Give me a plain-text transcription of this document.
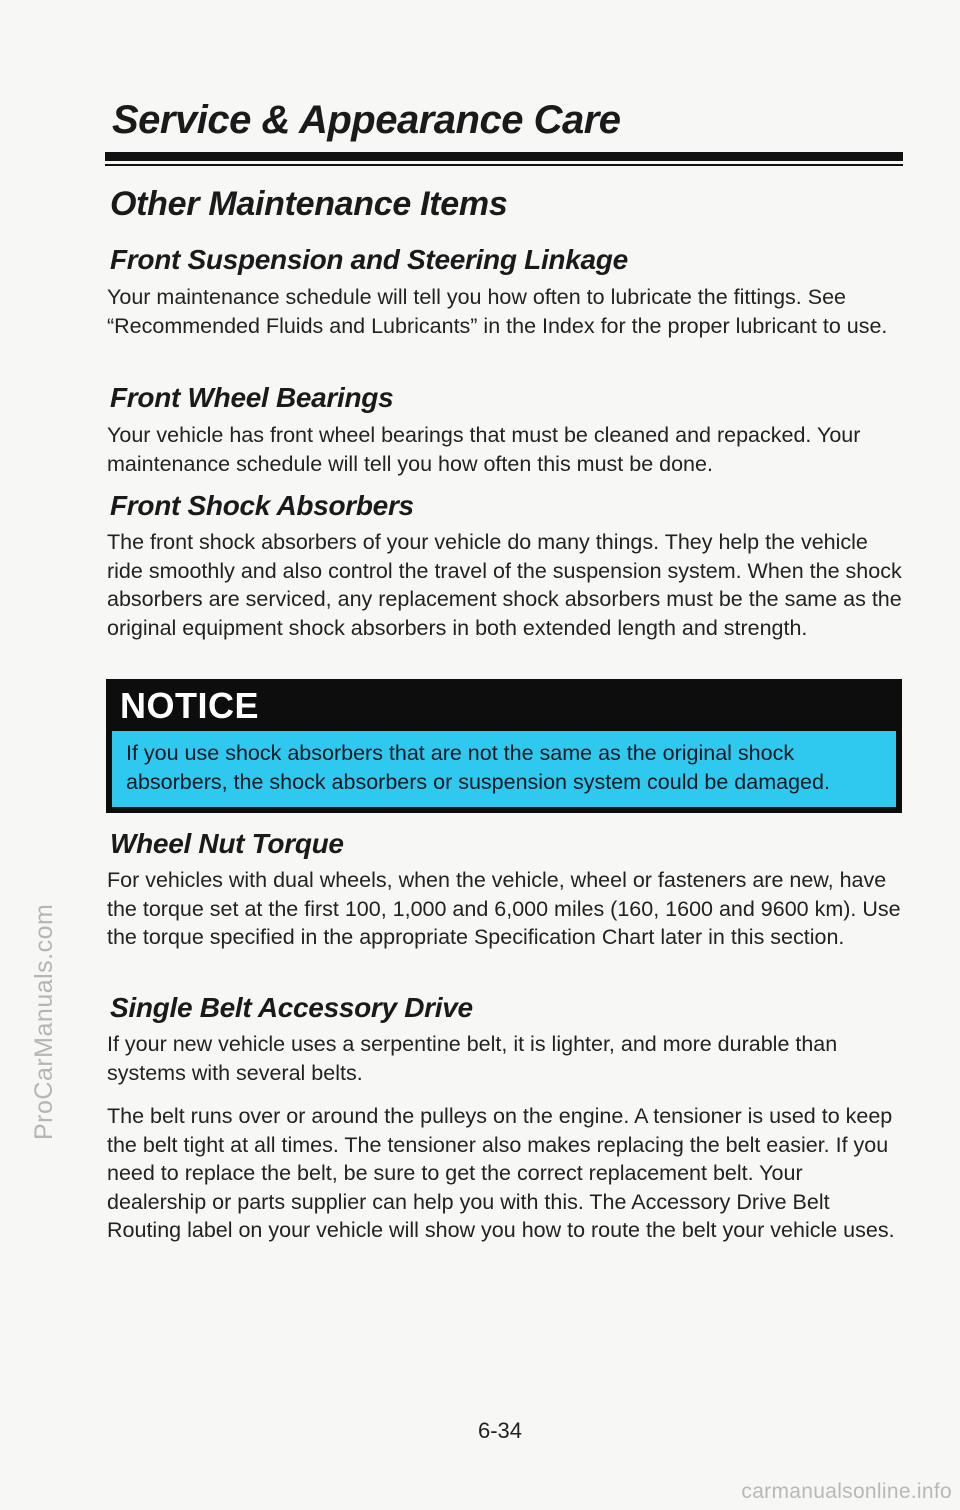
ProCarManuals.com
carmanualsonline.info
Service & Appearance Care
Other Maintenance Items
Front Suspension and Steering Linkage

Your maintenance schedule will tell you how often to lubricate the fittings. See “Recommended Fluids and Lubricants” in the Index for the proper lubricant to use.

Front Wheel Bearings

Your vehicle has front wheel bearings that must be cleaned and repacked. Your maintenance schedule will tell you how often this must be done.

Front Shock Absorbers

The front shock absorbers of your vehicle do many things. They help the vehicle ride smoothly and also control the travel of the suspension system. When the shock absorbers are serviced, any replacement shock absorbers must be the same as the original equipment shock absorbers in both extended length and strength.

NOTICE
If you use shock absorbers that are not the same as the original shock absorbers, the shock absorbers or suspension system could be damaged.
Wheel Nut Torque

For vehicles with dual wheels, when the vehicle, wheel or fasteners are new, have the torque set at the first 100, 1,000 and 6,000 miles (160, 1600 and 9600 km). Use the torque specified in the appropriate Specification Chart later in this section.

Single Belt Accessory Drive

If your new vehicle uses a serpentine belt, it is lighter, and more durable than systems with several belts.

The belt runs over or around the pulleys on the engine. A tensioner is used to keep the belt tight at all times. The tensioner also makes replacing the belt easier. If you need to replace the belt, be sure to get the correct replacement belt. Your dealership or parts supplier can help you with this. The Accessory Drive Belt Routing label on your vehicle will show you how to route the belt your vehicle uses.

6-34
